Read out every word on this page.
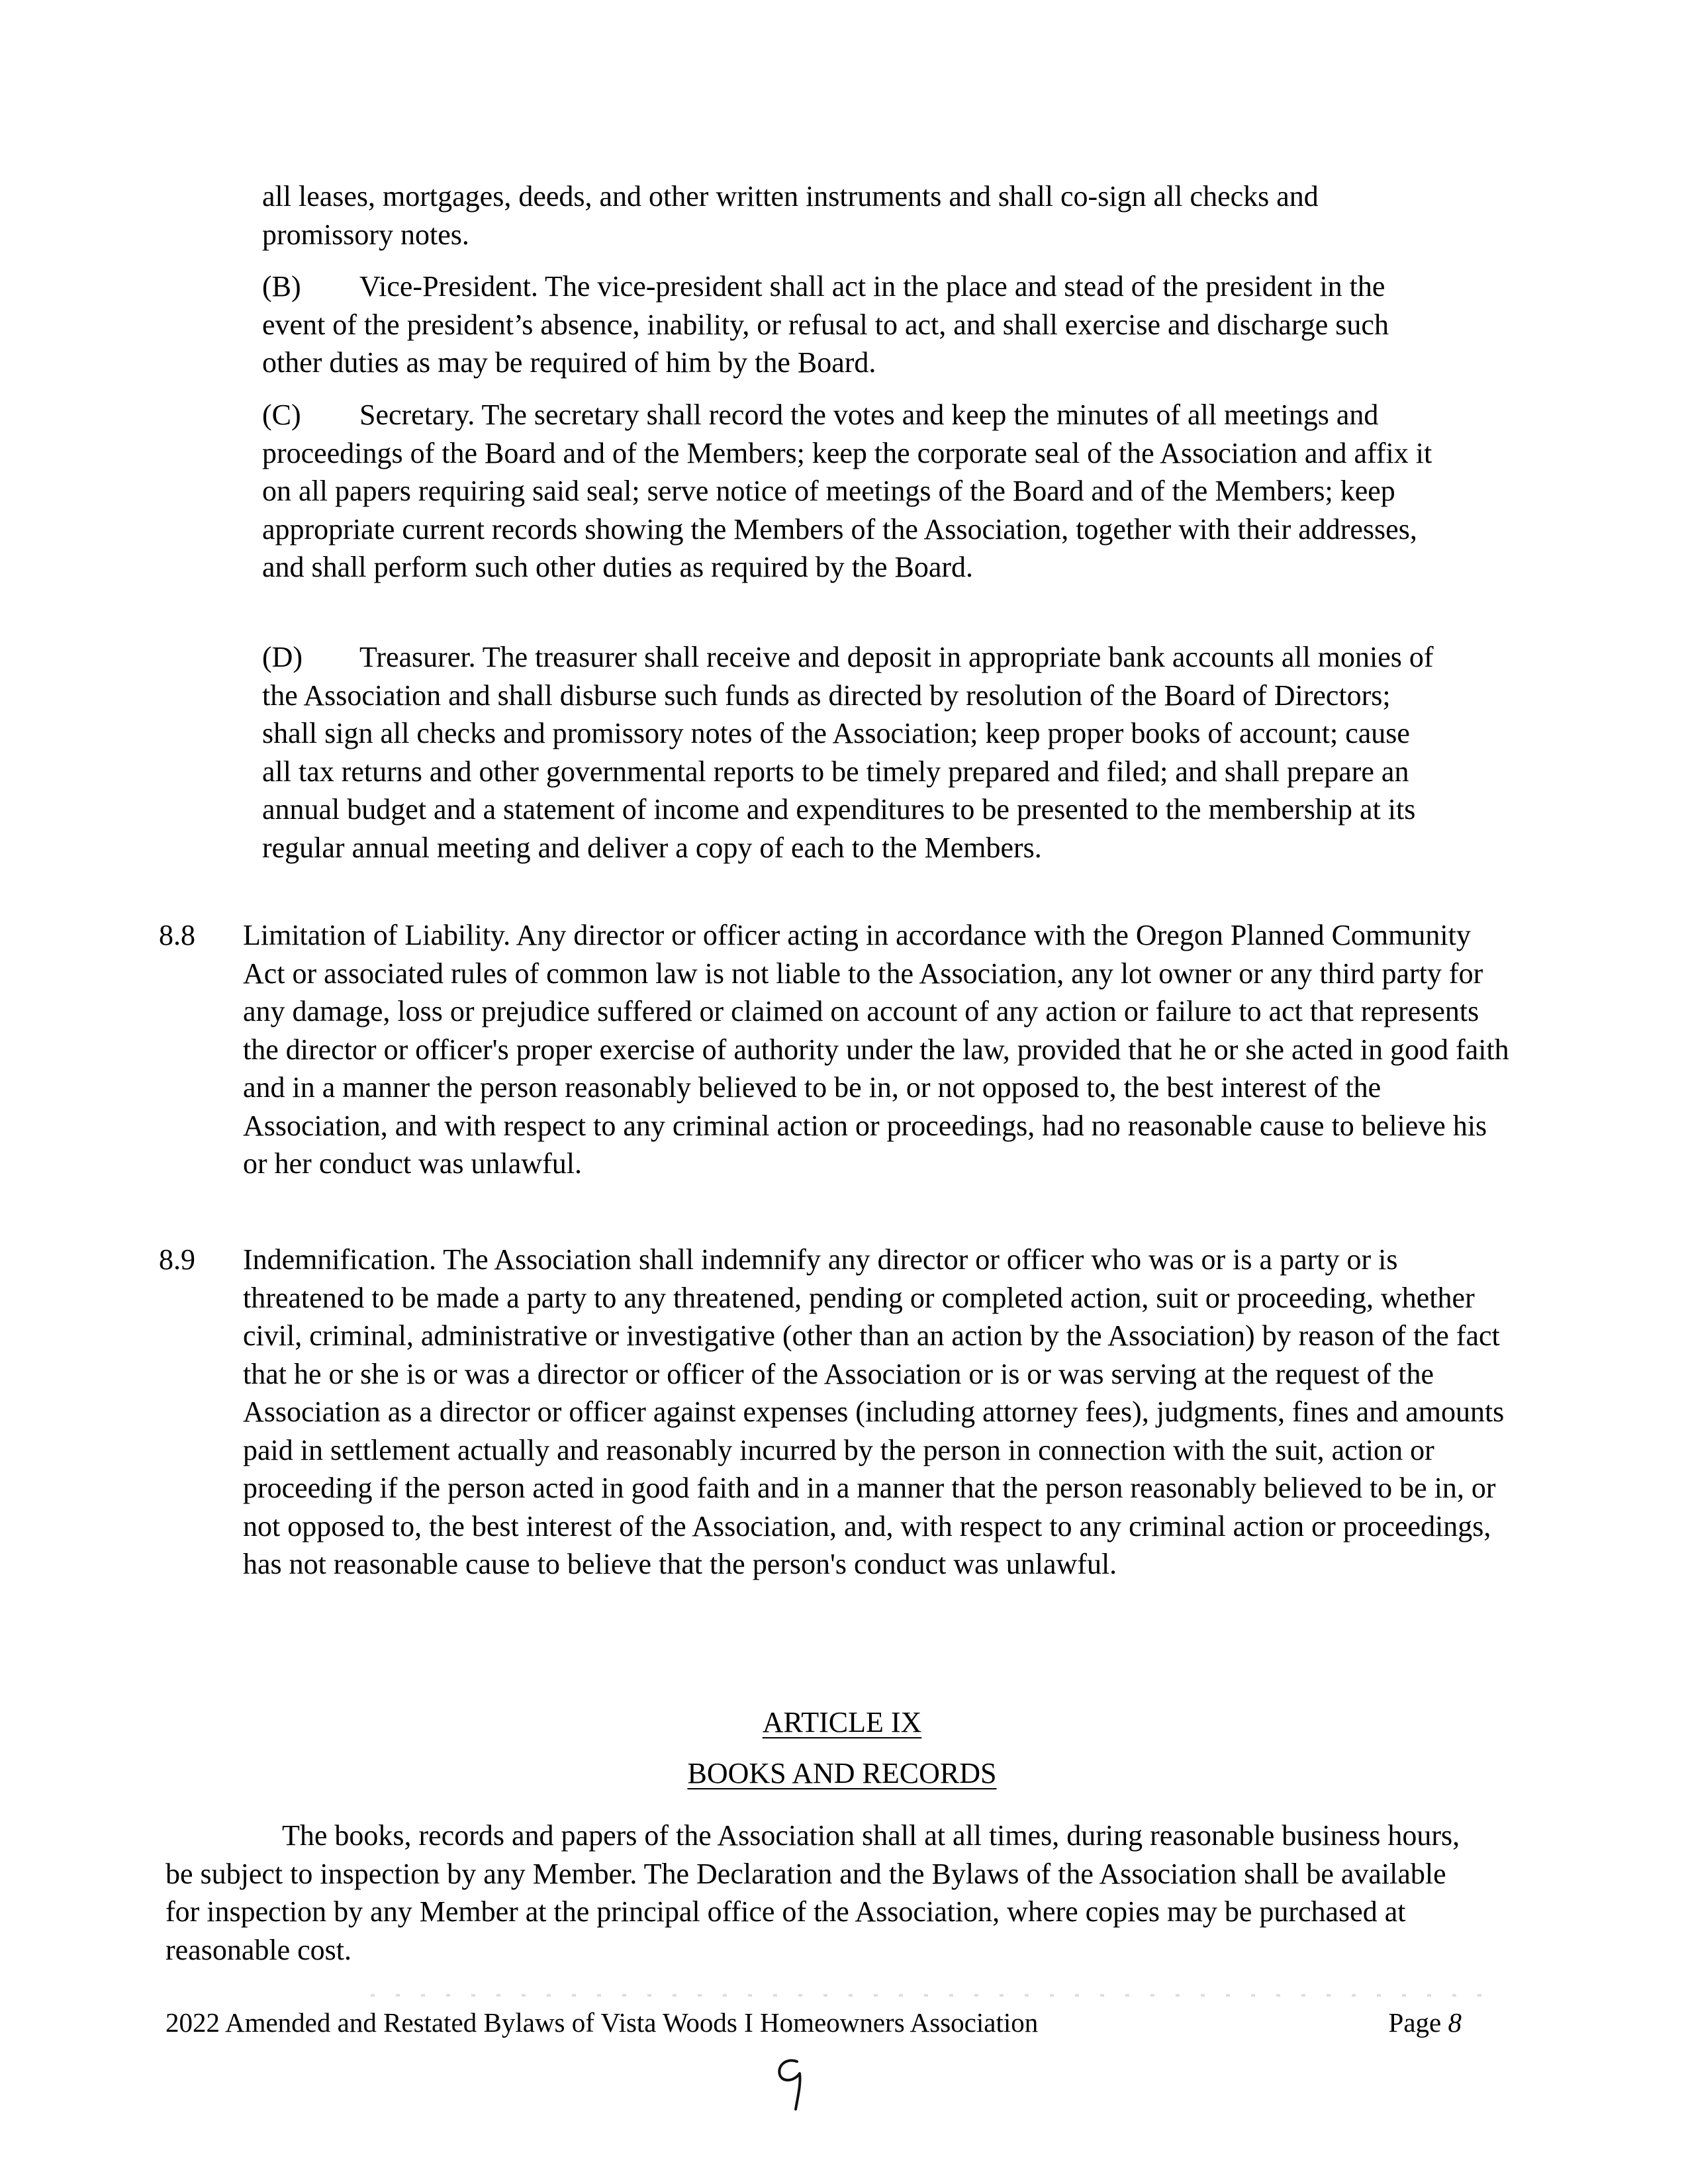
all leases, mortgages, deeds, and other written instruments and shall co-sign all checks and promissory notes.

(B) Vice-President. The vice-president shall act in the place and stead of the president in the event of the president’s absence, inability, or refusal to act, and shall exercise and discharge such other duties as may be required of him by the Board.

(C) Secretary. The secretary shall record the votes and keep the minutes of all meetings and proceedings of the Board and of the Members; keep the corporate seal of the Association and affix it on all papers requiring said seal; serve notice of meetings of the Board and of the Members; keep appropriate current records showing the Members of the Association, together with their addresses, and shall perform such other duties as required by the Board.

(D) Treasurer. The treasurer shall receive and deposit in appropriate bank accounts all monies of the Association and shall disburse such funds as directed by resolution of the Board of Directors; shall sign all checks and promissory notes of the Association; keep proper books of account; cause all tax returns and other governmental reports to be timely prepared and filed; and shall prepare an annual budget and a statement of income and expenditures to be presented to the membership at its regular annual meeting and deliver a copy of each to the Members.

8.8	Limitation of Liability. Any director or officer acting in accordance with the Oregon Planned Community Act or associated rules of common law is not liable to the Association, any lot owner or any third party for any damage, loss or prejudice suffered or claimed on account of any action or failure to act that represents the director or officer's proper exercise of authority under the law, provided that he or she acted in good faith and in a manner the person reasonably believed to be in, or not opposed to, the best interest of the Association, and with respect to any criminal action or proceedings, had no reasonable cause to believe his or her conduct was unlawful.
8.9	Indemnification. The Association shall indemnify any director or officer who was or is a party or is threatened to be made a party to any threatened, pending or completed action, suit or proceeding, whether civil, criminal, administrative or investigative (other than an action by the Association) by reason of the fact that he or she is or was a director or officer of the Association or is or was serving at the request of the Association as a director or officer against expenses (including attorney fees), judgments, fines and amounts paid in settlement actually and reasonably incurred by the person in connection with the suit, action or proceeding if the person acted in good faith and in a manner that the person reasonably believed to be in, or not opposed to, the best interest of the Association, and, with respect to any criminal action or proceedings, has not reasonable cause to believe that the person's conduct was unlawful.

ARTICLE IX

BOOKS AND RECORDS

The books, records and papers of the Association shall at all times, during reasonable business hours, be subject to inspection by any Member. The Declaration and the Bylaws of the Association shall be available for inspection by any Member at the principal office of the Association, where copies may be purchased at reasonable cost.

2022 Amended and Restated Bylaws of Vista Woods I Homeowners Association	Page 8
